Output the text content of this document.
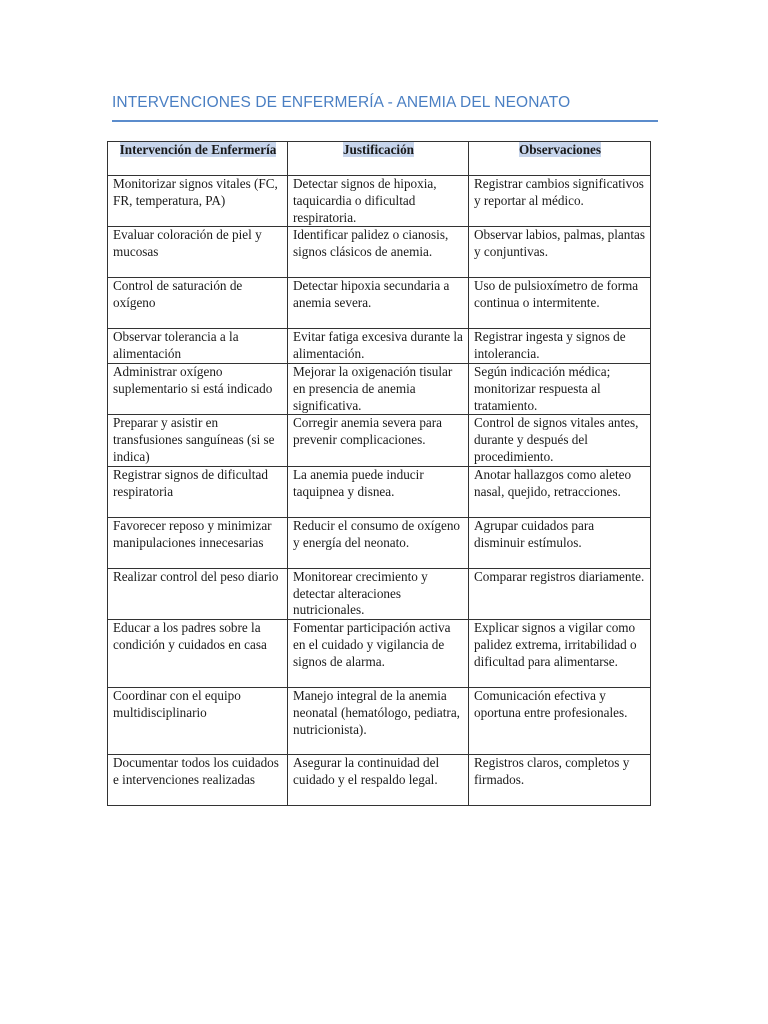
INTERVENCIONES DE ENFERMERÍA - ANEMIA DEL NEONATO
Intervención de Enfermería	Justificación	Observaciones
Monitorizar signos vitales (FC, FR, temperatura, PA)	Detectar signos de hipoxia, taquicardia o dificultad respiratoria.	Registrar cambios significativos y reportar al médico.
Evaluar coloración de piel y mucosas	Identificar palidez o cianosis, signos clásicos de anemia.	Observar labios, palmas, plantas y conjuntivas.
Control de saturación de oxígeno	Detectar hipoxia secundaria a anemia severa.	Uso de pulsioxímetro de forma continua o intermitente.
Observar tolerancia a la alimentación	Evitar fatiga excesiva durante la alimentación.	Registrar ingesta y signos de intolerancia.
Administrar oxígeno suplementario si está indicado	Mejorar la oxigenación tisular en presencia de anemia significativa.	Según indicación médica; monitorizar respuesta al tratamiento.
Preparar y asistir en transfusiones sanguíneas (si se indica)	Corregir anemia severa para prevenir complicaciones.	Control de signos vitales antes, durante y después del procedimiento.
Registrar signos de dificultad respiratoria	La anemia puede inducir taquipnea y disnea.	Anotar hallazgos como aleteo nasal, quejido, retracciones.
Favorecer reposo y minimizar manipulaciones innecesarias	Reducir el consumo de oxígeno y energía del neonato.	Agrupar cuidados para disminuir estímulos.
Realizar control del peso diario	Monitorear crecimiento y detectar alteraciones nutricionales.	Comparar registros diariamente.
Educar a los padres sobre la condición y cuidados en casa	Fomentar participación activa en el cuidado y vigilancia de signos de alarma.	Explicar signos a vigilar como palidez extrema, irritabilidad o dificultad para alimentarse.
Coordinar con el equipo multidisciplinario	Manejo integral de la anemia neonatal (hematólogo, pediatra, nutricionista).	Comunicación efectiva y oportuna entre profesionales.
Documentar todos los cuidados e intervenciones realizadas	Asegurar la continuidad del cuidado y el respaldo legal.	Registros claros, completos y firmados.
